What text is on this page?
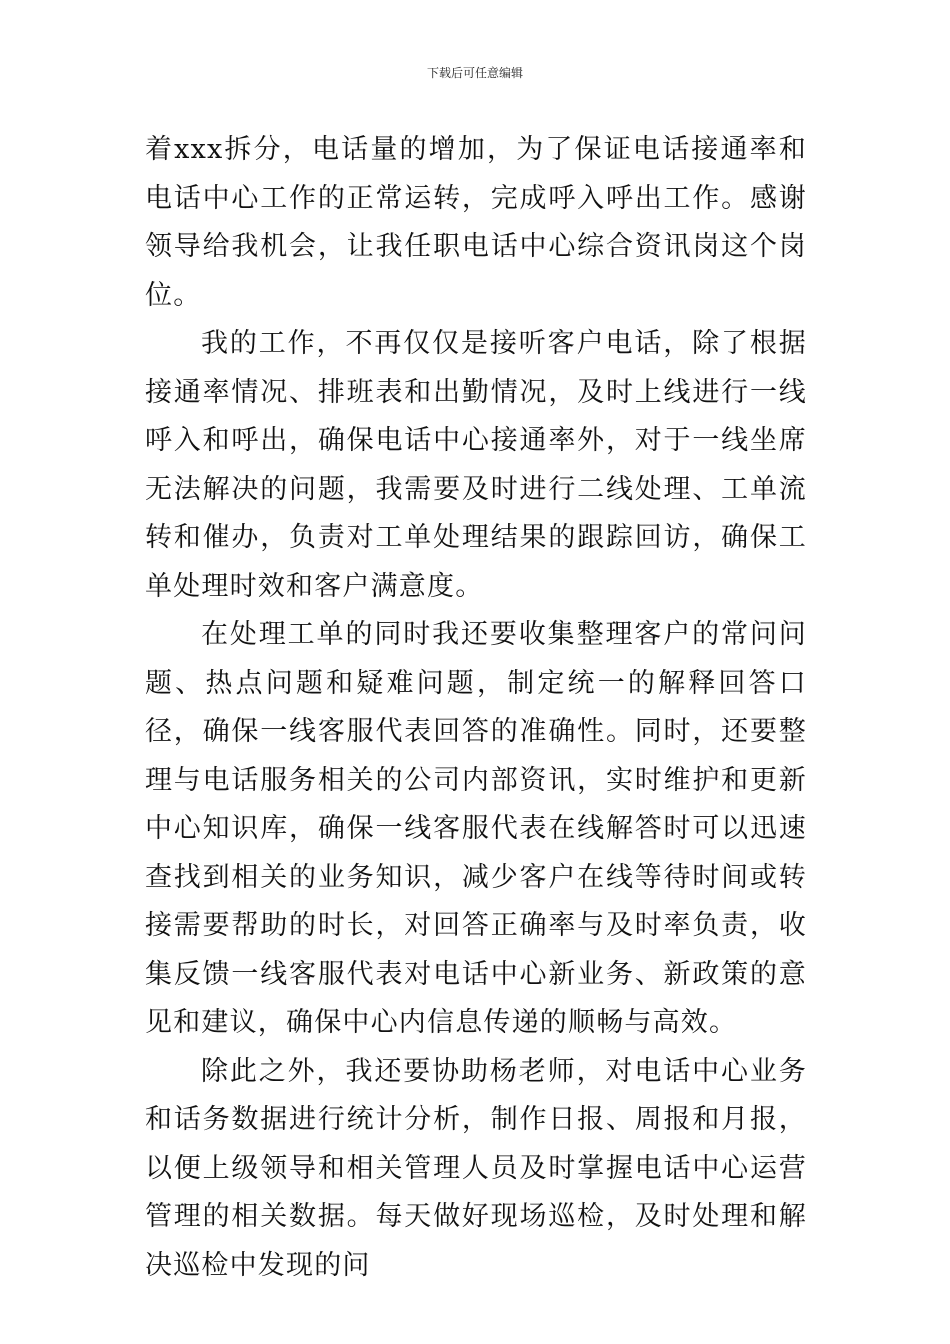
下载后可任意编辑

着xxx拆分，电话量的增加，为了保证电话接通率和电话中心工作的正常运转，完成呼入呼出工作。感谢领导给我机会，让我任职电话中心综合资讯岗这个岗位。

我的工作，不再仅仅是接听客户电话，除了根据接通率情况、排班表和出勤情况，及时上线进行一线呼入和呼出，确保电话中心接通率外，对于一线坐席无法解决的问题，我需要及时进行二线处理、工单流转和催办，负责对工单处理结果的跟踪回访，确保工单处理时效和客户满意度。

在处理工单的同时我还要收集整理客户的常问问题、热点问题和疑难问题，制定统一的解释回答口径，确保一线客服代表回答的准确性。同时，还要整理与电话服务相关的公司内部资讯，实时维护和更新中心知识库，确保一线客服代表在线解答时可以迅速查找到相关的业务知识，减少客户在线等待时间或转接需要帮助的时长，对回答正确率与及时率负责，收集反馈一线客服代表对电话中心新业务、新政策的意见和建议，确保中心内信息传递的顺畅与高效。

除此之外，我还要协助杨老师，对电话中心业务和话务数据进行统计分析，制作日报、周报和月报，以便上级领导和相关管理人员及时掌握电话中心运营管理的相关数据。每天做好现场巡检，及时处理和解决巡检中发现的问
